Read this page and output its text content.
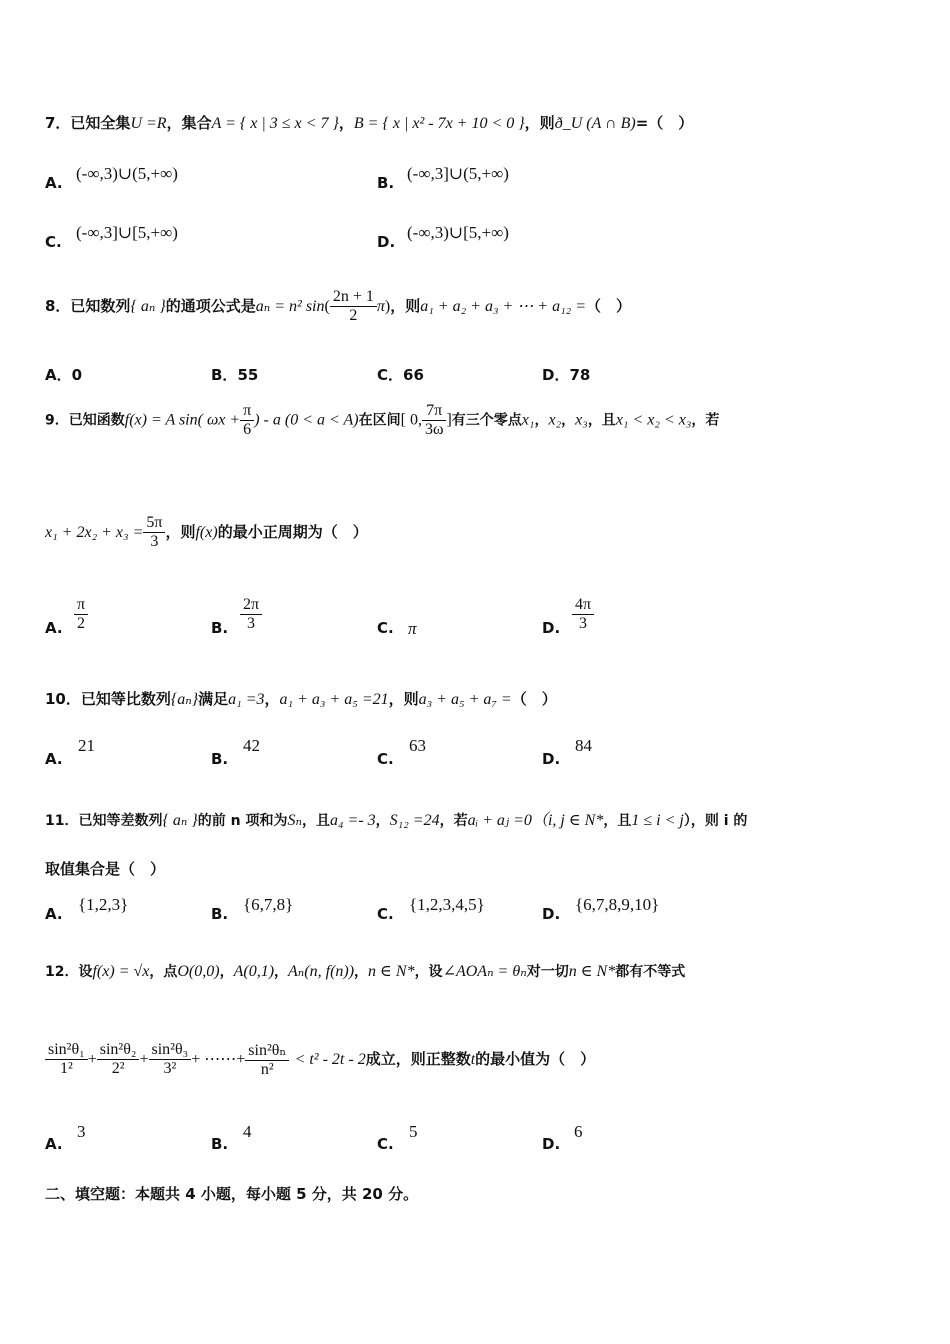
7．已知全集U =R，集合A = { x | 3 ≤ x < 7 }，B = { x | x² - 7x + 10 < 0 }，则ð_U (A ∩ B)=（　）
A. (-∞,3)∪(5,+∞)	B. (-∞,3]∪(5,+∞)
C. (-∞,3]∪[5,+∞)	D. (-∞,3)∪[5,+∞)
8．已知数列{ aₙ }的通项公式是aₙ = n² $\sin( \frac{2n + 1}{2} \pi)$，则a₁ + a₂ + a₃ + ⋯ + a₁₂ =（　）
A．0	B．55	C．66	D．78
9．已知函数f(x) = A sin( $\omega x + \frac{\pi}{6}$ ) - a (0 < a < A)在区间[ 0, $\frac{7\pi}{3\omega}$ ]有三个零点x₁，x₂，x₃，且x₁ < x₂ < x₃，若
$x_1 + 2x_2 + x_3 = \frac{5\pi}{3}$ ，则f(x)的最小正周期为（　）
A. $\frac{\pi}{2}$	B. $\frac{2\pi}{3}$	C. π	D. $\frac{4\pi}{3}$
10．已知等比数列{aₙ}满足a₁ =3，a₁ + a₃ + a₅ =21，则a₃ + a₅ + a₇ =（　）
A.
21
B.
42
C.
63
D.
84
11．已知等差数列{ aₙ }的前 n 项和为Sₙ，且a₄ =- 3，S₁₂ =24，若aᵢ + aⱼ =0（i, j ∈ N*，且1 ≤ i < j），则 i 的
取值集合是（　）
A. {1,2,3}	B. {6,7,8}	C. {1,2,3,4,5}	D. {6,7,8,9,10}
12．设f(x) = √x，点O(0,0)，A(0,1)，Aₙ(n, f(n))，n ∈ N*，设∠AOAₙ = θₙ对一切n ∈ N*都有不等式
$\frac{\text{sin²θ₁}}{\text{1²}} + \frac{\text{sin²θ₂}}{\text{2²}} + \frac{\text{sin²θ₃}}{\text{3²}}$ + ⋯⋯+ $\frac{\text{sin²θₙ}}{\text{n²}} < t^2 - 2t - 2$成立，则正整数t的最小值为（　）
A.
3
B.
4
C.
5
D.
6
二、填空题：本题共 4 小题，每小题 5 分，共 20 分。
